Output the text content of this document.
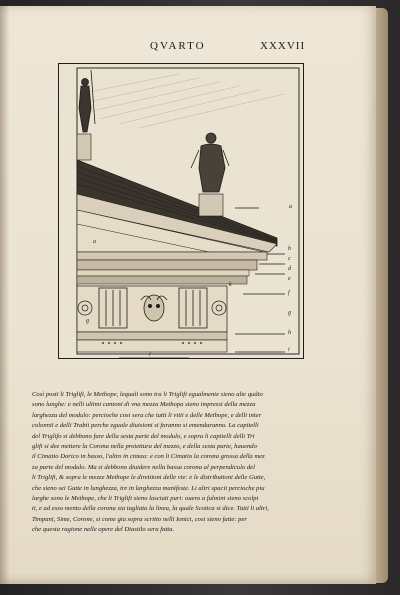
QVARTO	XXXVII
a
b
c
d
e
f
g
h
i
a
g
k
l
Così posti li Triglifi, le Methope, lequali sono tra li Triglifi egualmente sieno alte quãto
sono lunghe: e nelli ultimi cantoni di vna mezza Methopa sieno impressi della mezza
larghezza del modulo: percioche cosi sera che tutti li vitii e delle Methope, e delli inter
colonnii e delli Trabii perche eguale diuisioni si faranno si emendaranno. La capitelli
del Triglifo si debbono fare della sesta parte del modulo, e sopra li capitelli delli Tri
glifi si dee mettere la Corona nella proiettura del mezzo, e della sesta parte, hauendo
il Cimatio Dorico in basso, l'altro in cimaa: e con li Cimatio la corona grossa della mez
za parte del modulo. Ma si debbono diuidere nella bassa corona al perpendiculo del
li Triglifi, & sopra le mezze Methope le direttioni delle vie: e le distributioni delle Gutte,
che sieno sei Gutte in lunghezza, tre in larghezza manifeste. Li altri spacii percioche piu
larghe sono le Methope, che li Triglifi sieno lasciati puri: ouero a fulmini sieno scolpi
ti, e ad esso mento della corona sia tagliata la linea, la quale Scotica si dice. Tutti li altri,
Timpani, Sime, Corone, si come gia sopra scritto nelli Ionici, cosi sieno fatte: per
che questa ragione nelle opere del Diastilo sera fatta.
